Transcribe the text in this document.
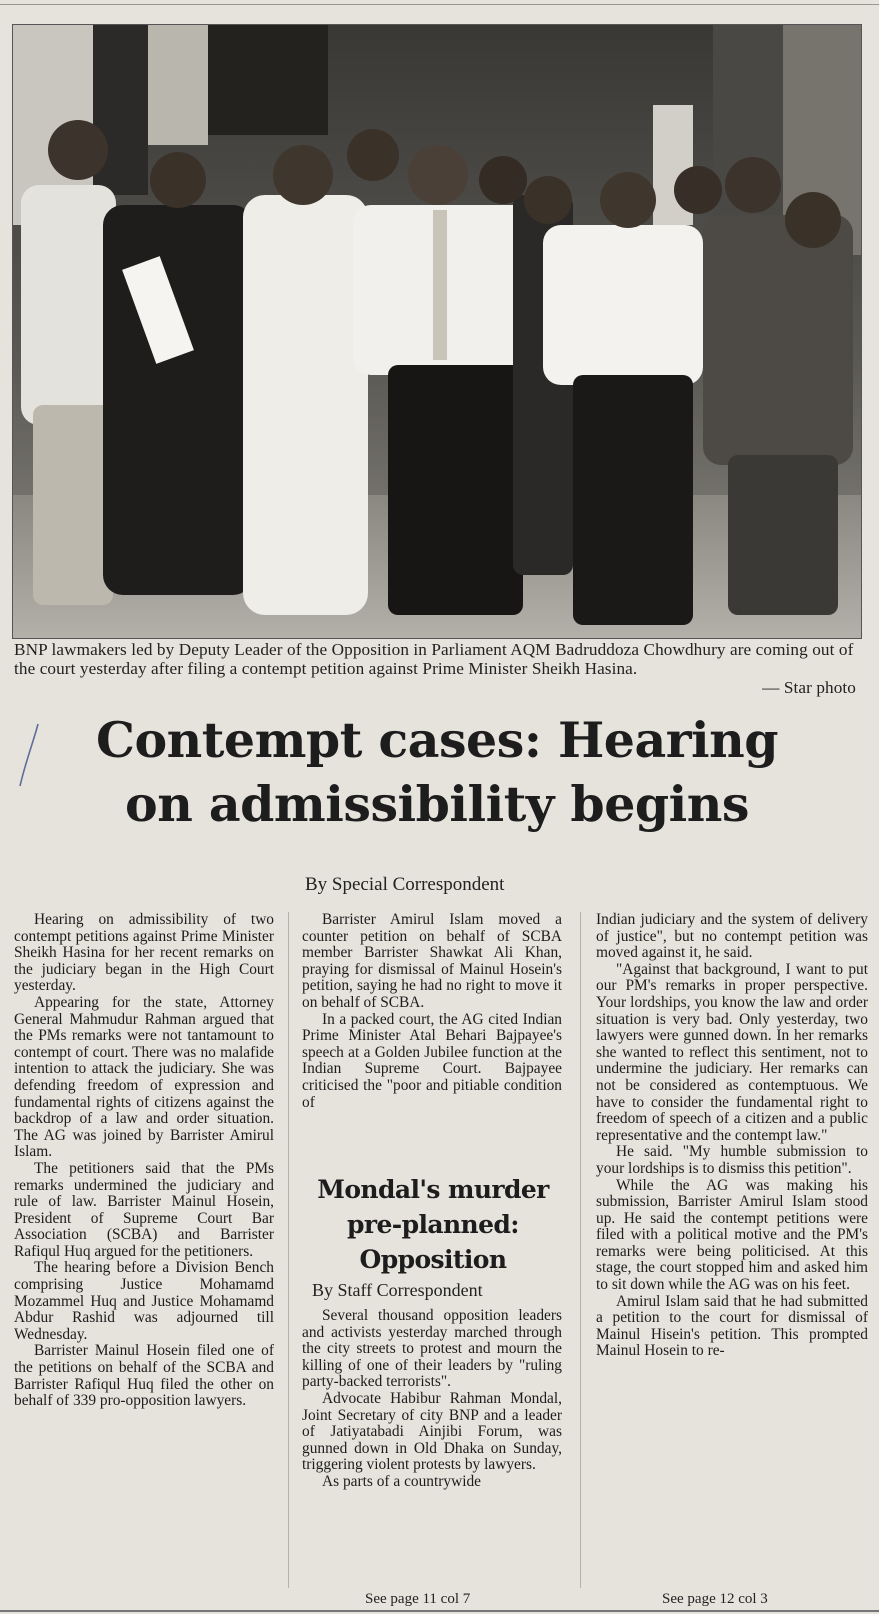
BNP lawmakers led by Deputy Leader of the Opposition in Parliament AQM Badruddoza Chowdhury are coming out of the court yesterday after filing a contempt petition against Prime Minister Sheikh Hasina.
— Star photo
Contempt cases: Hearing
on admissibility begins
By Special Correspondent

Hearing on admissibility of two contempt petitions against Prime Minister Sheikh Hasina for her recent remarks on the judiciary began in the High Court yesterday.

Appearing for the state, Attorney General Mahmudur Rahman argued that the PMs remarks were not tantamount to contempt of court. There was no malafide intention to attack the judiciary. She was defending freedom of expression and fundamental rights of citizens against the backdrop of a law and order situation. The AG was joined by Barrister Amirul Islam.

The petitioners said that the PMs remarks undermined the judiciary and rule of law. Barrister Mainul Hosein, President of Supreme Court Bar Association (SCBA) and Barrister Rafiqul Huq argued for the petitioners.

The hearing before a Division Bench comprising Justice Mohamamd Mozammel Huq and Justice Mohamamd Abdur Rashid was adjourned till Wednesday.

Barrister Mainul Hosein filed one of the petitions on behalf of the SCBA and Barrister Rafiqul Huq filed the other on behalf of 339 pro-opposition lawyers.

Barrister Amirul Islam moved a counter petition on behalf of SCBA member Barrister Shawkat Ali Khan, praying for dismissal of Mainul Hosein's petition, saying he had no right to move it on behalf of SCBA.

In a packed court, the AG cited Indian Prime Minister Atal Behari Bajpayee's speech at a Golden Jubilee function at the Indian Supreme Court. Bajpayee criticised the "poor and pitiable condition of

Mondal's murder pre-planned: Opposition
By Staff Correspondent

Several thousand opposition leaders and activists yesterday marched through the city streets to protest and mourn the killing of one of their leaders by "ruling party-backed terrorists".

Advocate Habibur Rahman Mondal, Joint Secretary of city BNP and a leader of Jatiyatabadi Ainjibi Forum, was gunned down in Old Dhaka on Sunday, triggering violent protests by lawyers.

As parts of a countrywide

Indian judiciary and the system of delivery of justice", but no contempt petition was moved against it, he said.

"Against that background, I want to put our PM's remarks in proper perspective. Your lordships, you know the law and order situation is very bad. Only yesterday, two lawyers were gunned down. In her remarks she wanted to reflect this sentiment, not to undermine the judiciary. Her remarks can not be considered as contemptuous. We have to consider the fundamental right to freedom of speech of a citizen and a public representative and the contempt law."

He said. "My humble submission to your lordships is to dismiss this petition".

While the AG was making his submission, Barrister Amirul Islam stood up. He said the contempt petitions were filed with a political motive and the PM's remarks were being politicised. At this stage, the court stopped him and asked him to sit down while the AG was on his feet.

Amirul Islam said that he had submitted a petition to the court for dismissal of Mainul Hisein's petition. This prompted Mainul Hosein to re-

See page 11 col 7	See page 12 col 3
